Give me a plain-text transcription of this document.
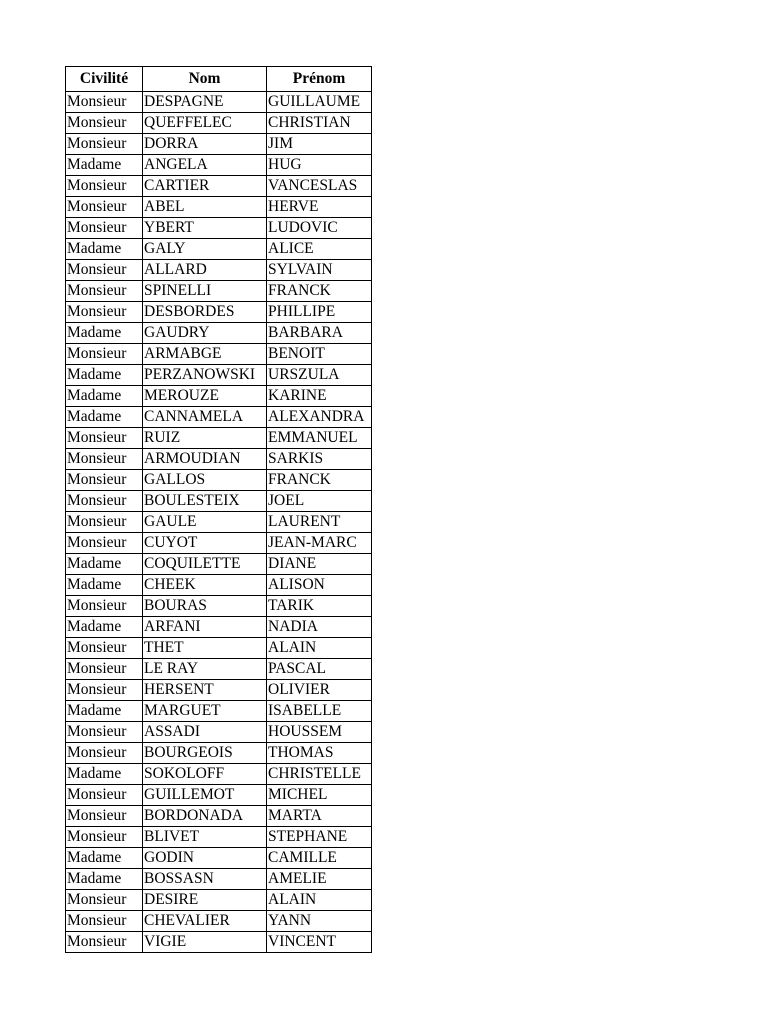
Civilité	Nom	Prénom
Monsieur	DESPAGNE	GUILLAUME
Monsieur	QUEFFELEC	CHRISTIAN
Monsieur	DORRA	JIM
Madame	ANGELA	HUG
Monsieur	CARTIER	VANCESLAS
Monsieur	ABEL	HERVE
Monsieur	YBERT	LUDOVIC
Madame	GALY	ALICE
Monsieur	ALLARD	SYLVAIN
Monsieur	SPINELLI	FRANCK
Monsieur	DESBORDES	PHILLIPE
Madame	GAUDRY	BARBARA
Monsieur	ARMABGE	BENOIT
Madame	PERZANOWSKI	URSZULA
Madame	MEROUZE	KARINE
Madame	CANNAMELA	ALEXANDRA
Monsieur	RUIZ	EMMANUEL
Monsieur	ARMOUDIAN	SARKIS
Monsieur	GALLOS	FRANCK
Monsieur	BOULESTEIX	JOEL
Monsieur	GAULE	LAURENT
Monsieur	CUYOT	JEAN-MARC
Madame	COQUILETTE	DIANE
Madame	CHEEK	ALISON
Monsieur	BOURAS	TARIK
Madame	ARFANI	NADIA
Monsieur	THET	ALAIN
Monsieur	LE RAY	PASCAL
Monsieur	HERSENT	OLIVIER
Madame	MARGUET	ISABELLE
Monsieur	ASSADI	HOUSSEM
Monsieur	BOURGEOIS	THOMAS
Madame	SOKOLOFF	CHRISTELLE
Monsieur	GUILLEMOT	MICHEL
Monsieur	BORDONADA	MARTA
Monsieur	BLIVET	STEPHANE
Madame	GODIN	CAMILLE
Madame	BOSSASN	AMELIE
Monsieur	DESIRE	ALAIN
Monsieur	CHEVALIER	YANN
Monsieur	VIGIE	VINCENT
